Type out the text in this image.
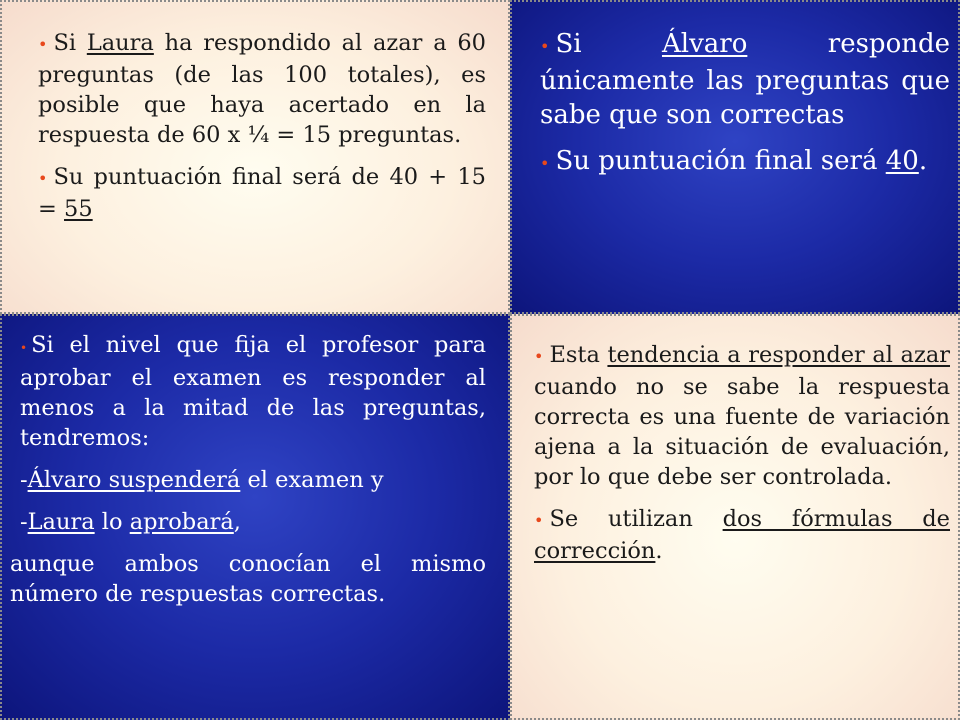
• Si Laura ha respondido al azar a 60 preguntas (de las 100 totales), es posible que haya acertado en la respuesta de 60 x ¼ = 15 preguntas.

• Su puntuación final será de 40 + 15 = 55

• Si Álvaro responde únicamente las preguntas que sabe que son correctas

• Su puntuación final será 40.

• Si el nivel que fija el profesor para aprobar el examen es responder al menos a la mitad de las preguntas, tendremos:

-Álvaro suspenderá el examen y

-Laura lo aprobará,

aunque ambos conocían el mismo número de respuestas correctas.

• Esta tendencia a responder al azar cuando no se sabe la respuesta correcta es una fuente de variación ajena a la situación de evaluación, por lo que debe ser controlada.

• Se utilizan dos fórmulas de corrección.
